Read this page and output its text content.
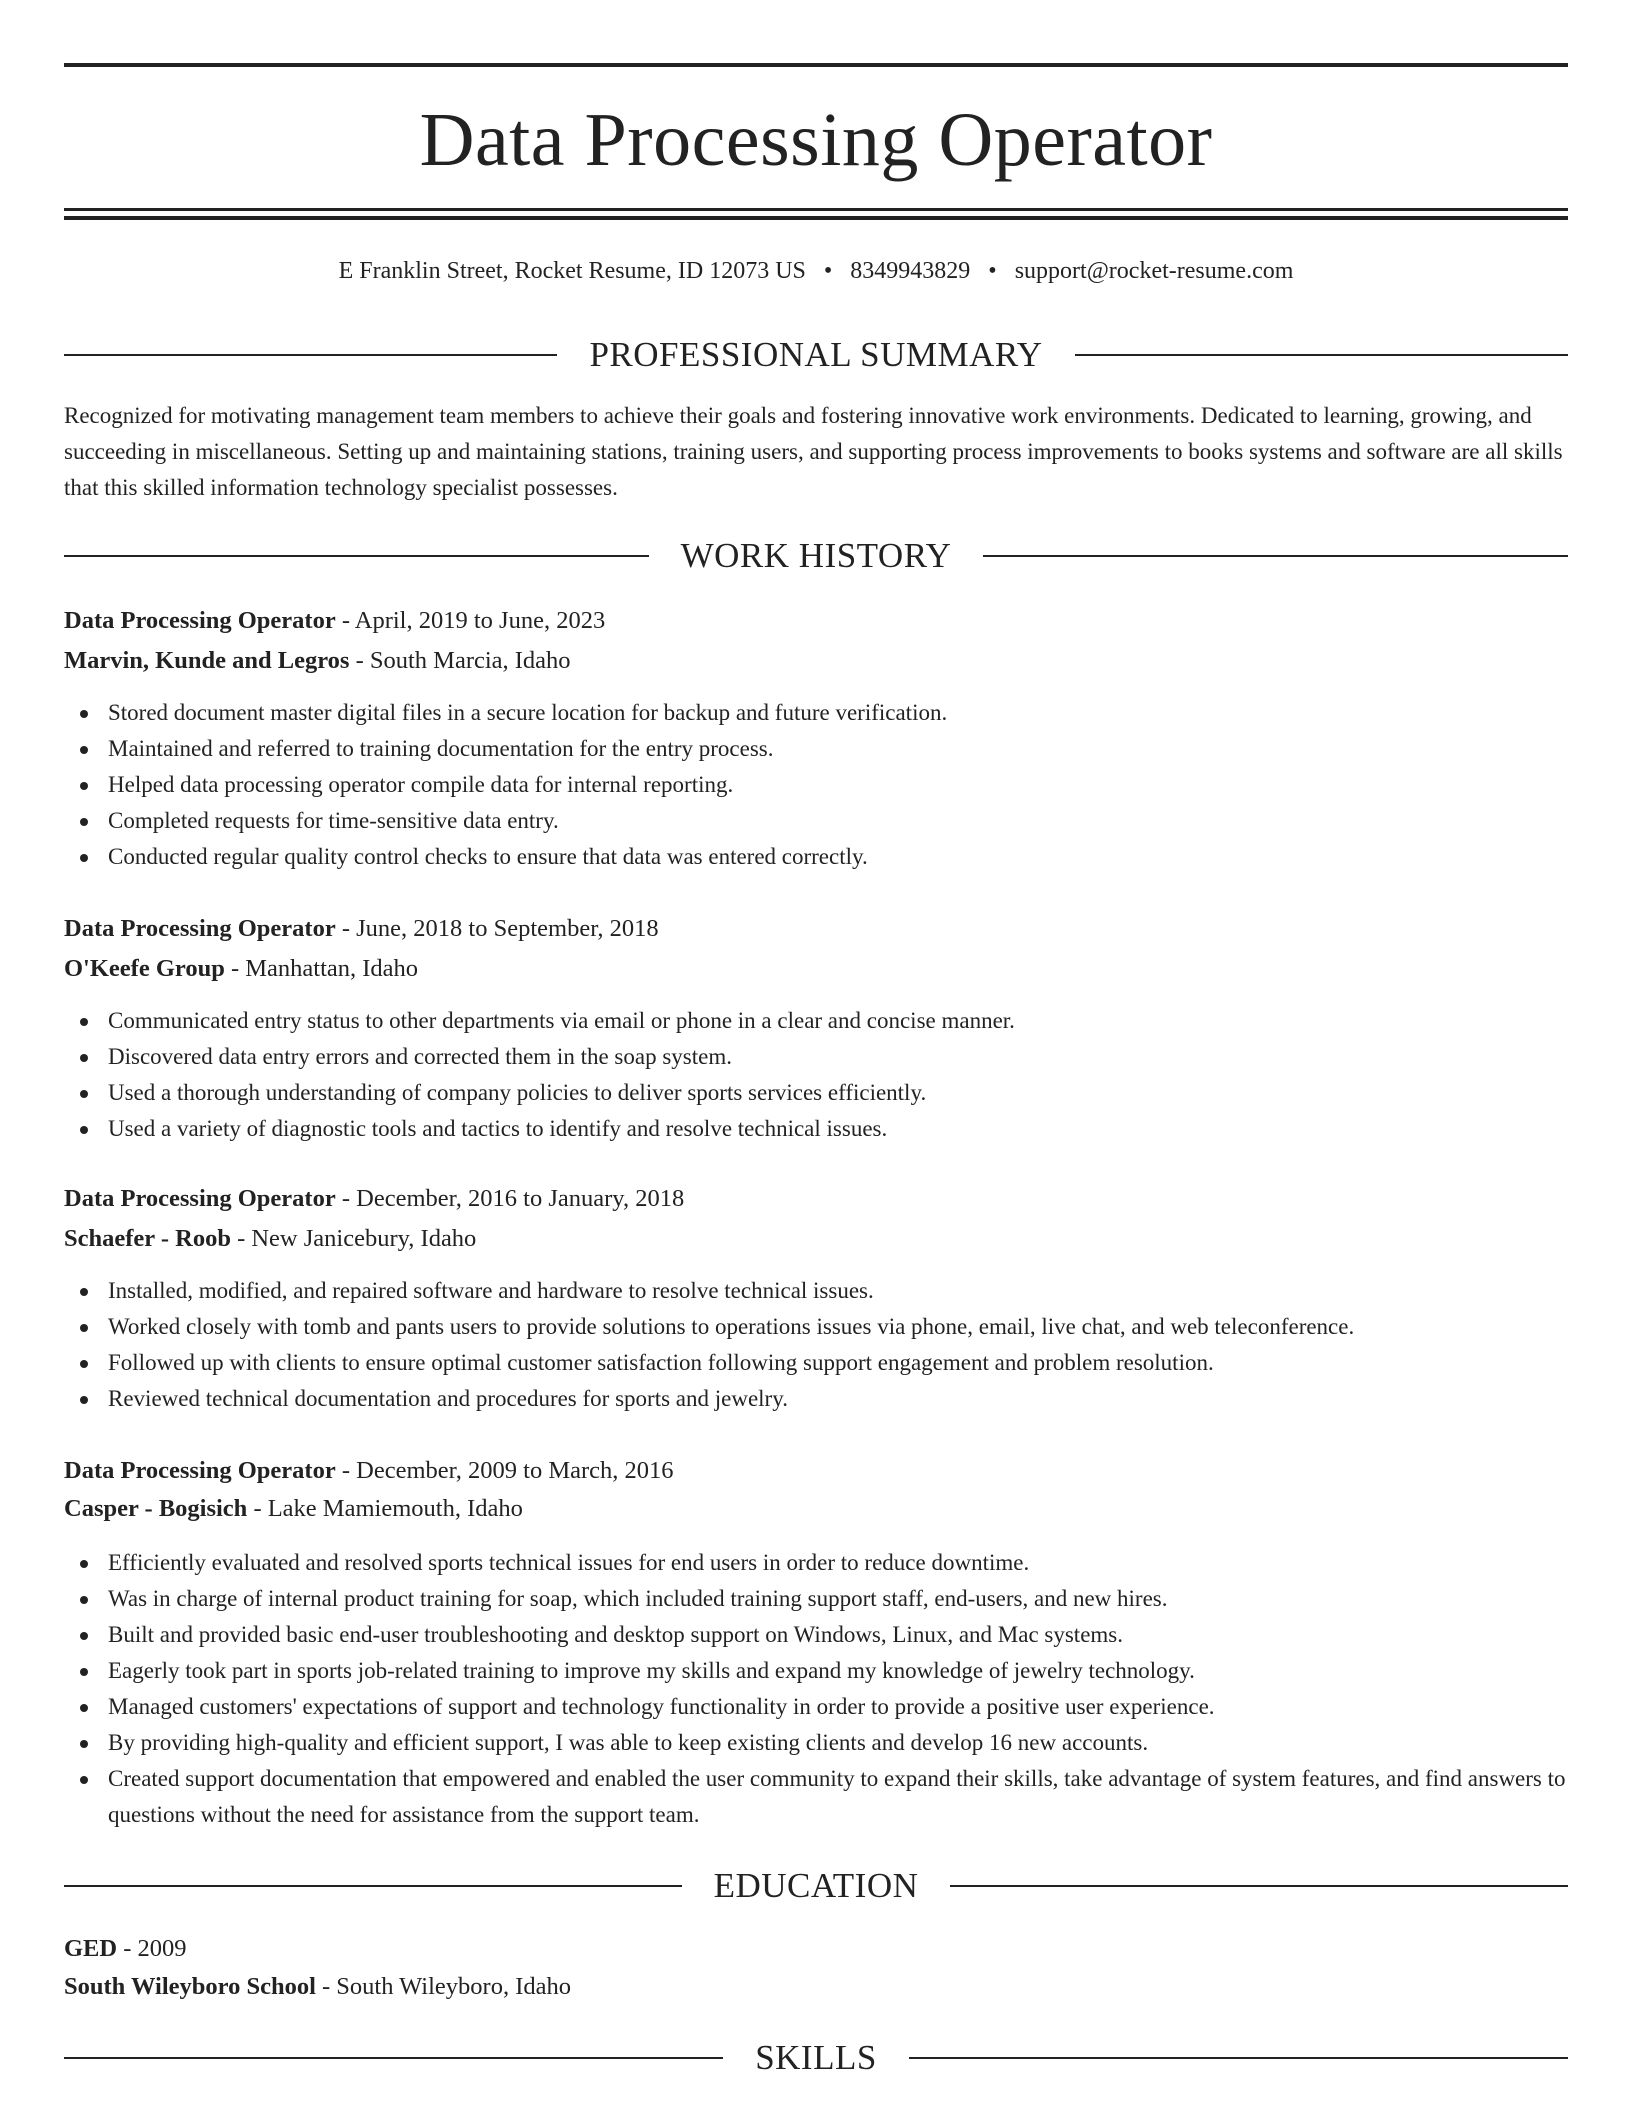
Data Processing Operator
E Franklin Street, Rocket Resume, ID 12073 US • 8349943829 • support@rocket-resume.com
PROFESSIONAL SUMMARY
Recognized for motivating management team members to achieve their goals and fostering innovative work environments. Dedicated to learning, growing, and succeeding in miscellaneous. Setting up and maintaining stations, training users, and supporting process improvements to books systems and software are all skills that this skilled information technology specialist possesses.
WORK HISTORY
Data Processing Operator - April, 2019 to June, 2023
Marvin, Kunde and Legros - South Marcia, Idaho
Stored document master digital files in a secure location for backup and future verification.
Maintained and referred to training documentation for the entry process.
Helped data processing operator compile data for internal reporting.
Completed requests for time-sensitive data entry.
Conducted regular quality control checks to ensure that data was entered correctly.
Data Processing Operator - June, 2018 to September, 2018
O'Keefe Group - Manhattan, Idaho
Communicated entry status to other departments via email or phone in a clear and concise manner.
Discovered data entry errors and corrected them in the soap system.
Used a thorough understanding of company policies to deliver sports services efficiently.
Used a variety of diagnostic tools and tactics to identify and resolve technical issues.
Data Processing Operator - December, 2016 to January, 2018
Schaefer - Roob - New Janicebury, Idaho
Installed, modified, and repaired software and hardware to resolve technical issues.
Worked closely with tomb and pants users to provide solutions to operations issues via phone, email, live chat, and web teleconference.
Followed up with clients to ensure optimal customer satisfaction following support engagement and problem resolution.
Reviewed technical documentation and procedures for sports and jewelry.
Data Processing Operator - December, 2009 to March, 2016
Casper - Bogisich - Lake Mamiemouth, Idaho
Efficiently evaluated and resolved sports technical issues for end users in order to reduce downtime.
Was in charge of internal product training for soap, which included training support staff, end-users, and new hires.
Built and provided basic end-user troubleshooting and desktop support on Windows, Linux, and Mac systems.
Eagerly took part in sports job-related training to improve my skills and expand my knowledge of jewelry technology.
Managed customers' expectations of support and technology functionality in order to provide a positive user experience.
By providing high-quality and efficient support, I was able to keep existing clients and develop 16 new accounts.
Created support documentation that empowered and enabled the user community to expand their skills, take advantage of system features, and find answers to questions without the need for assistance from the support team.
EDUCATION
GED - 2009
South Wileyboro School - South Wileyboro, Idaho
SKILLS
